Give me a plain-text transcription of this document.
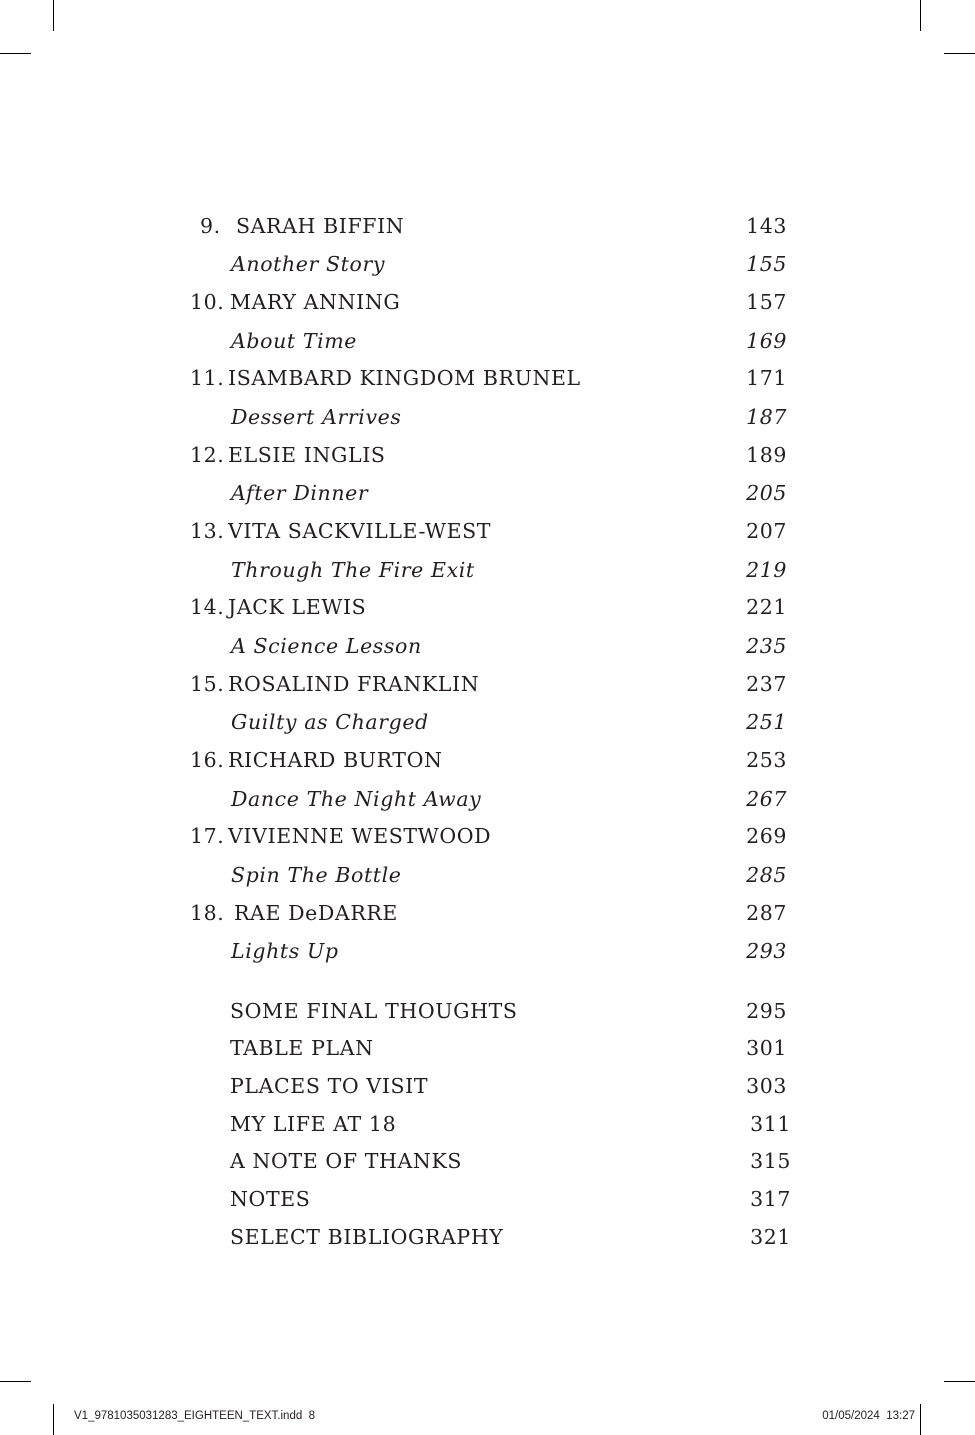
9. SARAH BIFFIN	143
Another Story	155
10. MARY ANNING	157
About Time	169
11. ISAMBARD KINGDOM BRUNEL	171
Dessert Arrives	187
12. ELSIE INGLIS	189
After Dinner	205
13. VITA SACKVILLE-WEST	207
Through The Fire Exit	219
14. JACK LEWIS	221
A Science Lesson	235
15. ROSALIND FRANKLIN	237
Guilty as Charged	251
16. RICHARD BURTON	253
Dance The Night Away	267
17. VIVIENNE WESTWOOD	269
Spin The Bottle	285
18. RAE DeDARRE	287
Lights Up	293
SOME FINAL THOUGHTS	295
TABLE PLAN	301
PLACES TO VISIT	303
MY LIFE AT 18	311
A NOTE OF THANKS	315
NOTES	317
SELECT BIBLIOGRAPHY	321
V1_9781035031283_EIGHTEEN_TEXT.indd 8	01/05/2024 13:27
